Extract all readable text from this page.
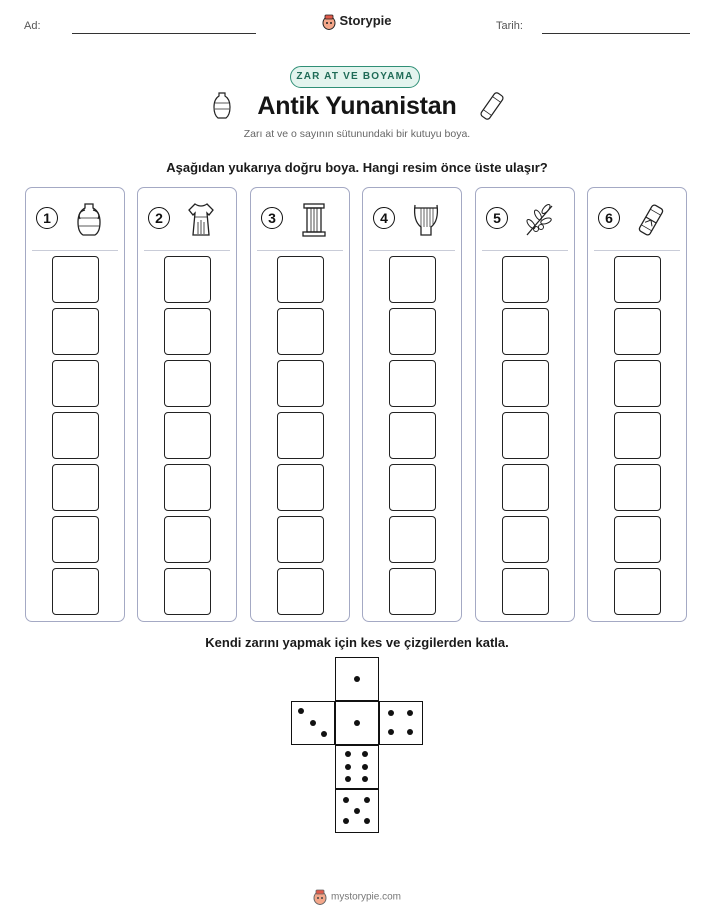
Ad:	Storypie	Tarih:
ZAR AT VE BOYAMA
Antik Yunanistan
Zarı at ve o sayının sütunundaki bir kutuyu boya.
Aşağıdan yukarıya doğru boya. Hangi resim önce üste ulaşır?
1	2	3	4	5	6
Kendi zarını yapmak için kes ve çizgilerden katla.
mystorypie.com
